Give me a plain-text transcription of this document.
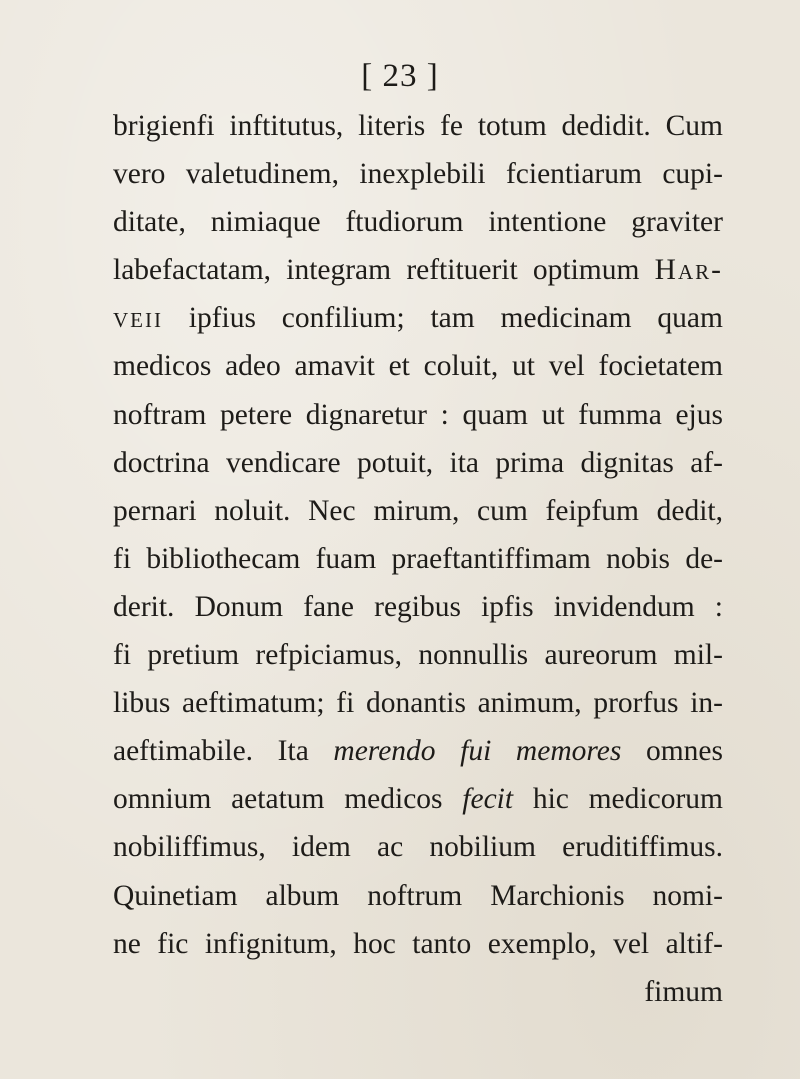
[ 23 ]
brigienfi inftitutus, literis fe totum dedidit. Cum
vero valetudinem, inexplebili fcientiarum cupi-
ditate, nimiaque ftudiorum intentione graviter
labefactatam, integram reftituerit optimum Har-
veii ipfius confilium; tam medicinam quam
medicos adeo amavit et coluit, ut vel focietatem
noftram petere dignaretur : quam ut fumma ejus
doctrina vendicare potuit, ita prima dignitas af-
pernari noluit. Nec mirum, cum feipfum dedit,
fi bibliothecam fuam praeftantiffimam nobis de-
derit. Donum fane regibus ipfis invidendum :
fi pretium refpiciamus, nonnullis aureorum mil-
libus aeftimatum; fi donantis animum, prorfus in-
aeftimabile. Ita merendo fui memores omnes
omnium aetatum medicos fecit hic medicorum
nobiliffimus, idem ac nobilium eruditiffimus.
Quinetiam album noftrum Marchionis nomi-
ne fic infignitum, hoc tanto exemplo, vel altif-
fimum
